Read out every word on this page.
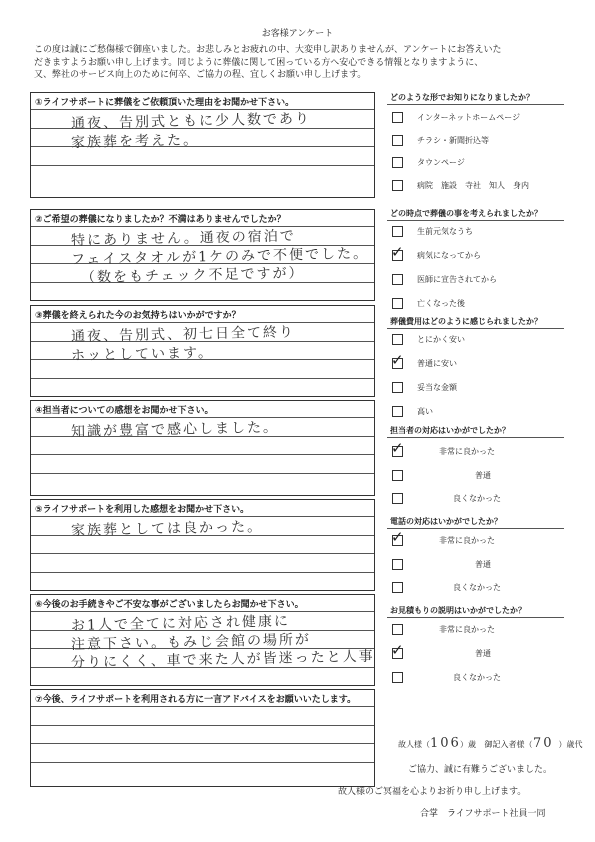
お客様アンケート
この度は誠にご愁傷様で御座いました。お悲しみとお疲れの中、大変申し訳ありませんが、アンケートにお答えいた
だきますようお願い申し上げます。同じように葬儀に関して困っている方へ安心できる情報となりますように、
又、弊社のサービス向上のために何卒、ご協力の程、宜しくお願い申し上げます。
①ライフサポートに葬儀をご依頼頂いた理由をお聞かせ下さい。
通夜、告別式ともに少人数であり
家族葬を考えた。
②ご希望の葬儀になりましたか？不満はありませんでしたか？
特にありません。通夜の宿泊で
フェイスタオルが1ケのみで不便でした。
（数をもチェック不足ですが）
③葬儀を終えられた今のお気持ちはいかがですか？
通夜、告別式、初七日全て終り
ホッとしています。
④担当者についての感想をお聞かせ下さい。
知識が豊富で感心しました。
⑤ライフサポートを利用した感想をお聞かせ下さい。
家族葬としては良かった。
⑥今後のお手続きやご不安な事がございましたらお聞かせ下さい。
お1人で全てに対応され健康に
注意下さい。もみじ会館の場所が
分りにくく、車で来た人が皆迷ったと人事
⑦今後、ライフサポートを利用される方に一言アドバイスをお願いいたします。
どのような形でお知りになりましたか？
インターネットホームページ
チラシ・新聞折込等
タウンページ
病院　施設　寺社　知人　身内
どの時点で葬儀の事を考えられましたか？
生前元気なうち
✓ 病気になってから
医師に宣告されてから
亡くなった後
葬儀費用はどのように感じられましたか？
とにかく安い
✓ 普通に安い
妥当な金額
高い
担当者の対応はいかがでしたか？
✓	非常に良かった
普通
良くなかった
電話の対応はいかがでしたか？
✓	非常に良かった
普通
良くなかった
お見積もりの説明はいかがでしたか？
非常に良かった
✓	普通
良くなかった
故人様（106）歳 御記入者様（70 ）歳代
ご協力、誠に有難うございました。
故人様のご冥福を心よりお祈り申し上げます。
合掌　ライフサポート社員一同
